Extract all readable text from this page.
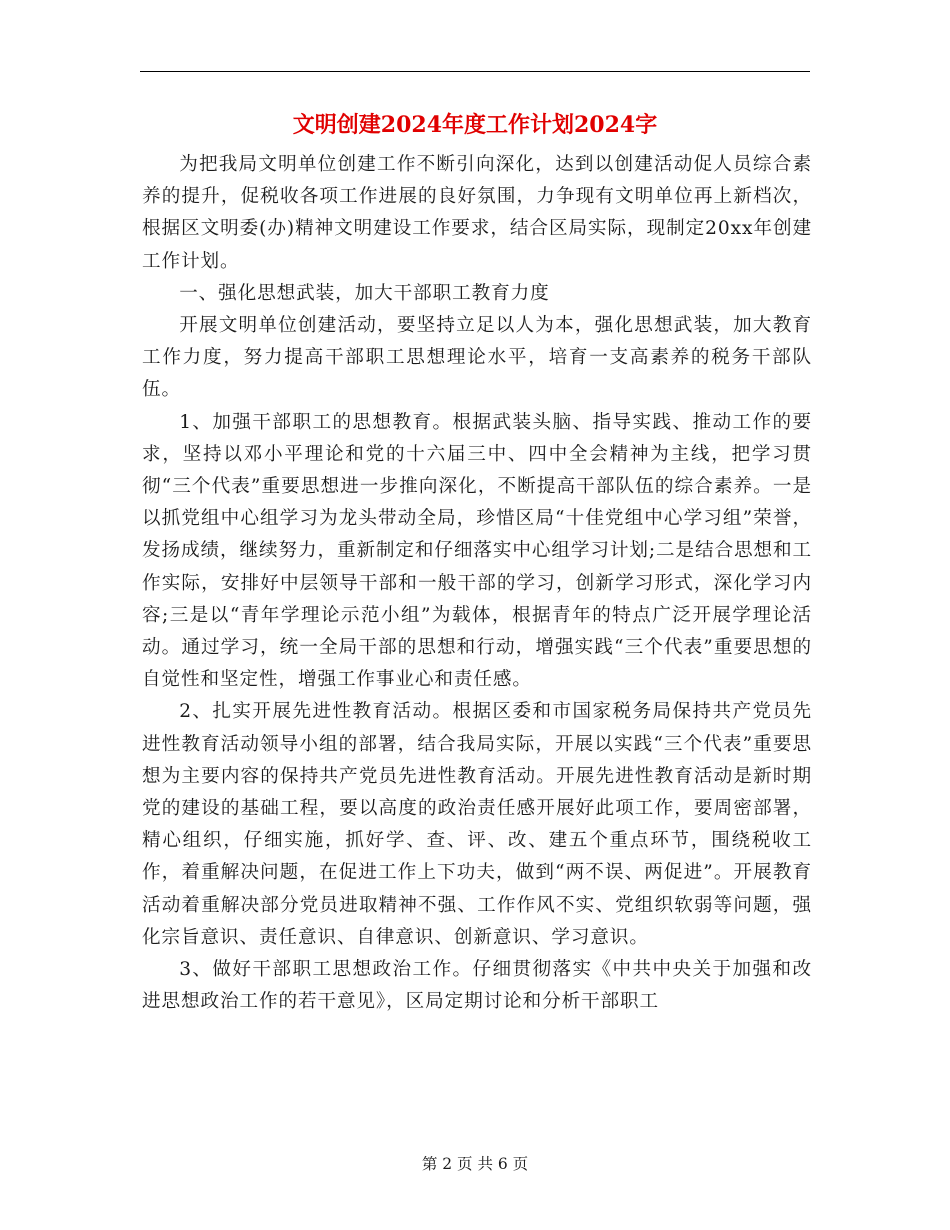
文明创建2024年度工作计划2024字

为把我局文明单位创建工作不断引向深化，达到以创建活动促人员综合素养的提升，促税收各项工作进展的良好氛围，力争现有文明单位再上新档次，根据区文明委(办)精神文明建设工作要求，结合区局实际，现制定20xx年创建工作计划。

一、强化思想武装，加大干部职工教育力度

开展文明单位创建活动，要坚持立足以人为本，强化思想武装，加大教育工作力度，努力提高干部职工思想理论水平，培育一支高素养的税务干部队伍。

1、加强干部职工的思想教育。根据武装头脑、指导实践、推动工作的要求，坚持以邓小平理论和党的十六届三中、四中全会精神为主线，把学习贯彻“三个代表”重要思想进一步推向深化，不断提高干部队伍的综合素养。一是以抓党组中心组学习为龙头带动全局，珍惜区局“十佳党组中心学习组”荣誉，发扬成绩，继续努力，重新制定和仔细落实中心组学习计划;二是结合思想和工作实际，安排好中层领导干部和一般干部的学习，创新学习形式，深化学习内容;三是以“青年学理论示范小组”为载体，根据青年的特点广泛开展学理论活动。通过学习，统一全局干部的思想和行动，增强实践“三个代表”重要思想的自觉性和坚定性，增强工作事业心和责任感。

2、扎实开展先进性教育活动。根据区委和市国家税务局保持共产党员先进性教育活动领导小组的部署，结合我局实际，开展以实践“三个代表”重要思想为主要内容的保持共产党员先进性教育活动。开展先进性教育活动是新时期党的建设的基础工程，要以高度的政治责任感开展好此项工作，要周密部署，精心组织，仔细实施，抓好学、查、评、改、建五个重点环节，围绕税收工作，着重解决问题，在促进工作上下功夫，做到“两不误、两促进”。开展教育活动着重解决部分党员进取精神不强、工作作风不实、党组织软弱等问题，强化宗旨意识、责任意识、自律意识、创新意识、学习意识。

3、做好干部职工思想政治工作。仔细贯彻落实《中共中央关于加强和改进思想政治工作的若干意见》，区局定期讨论和分析干部职工

第 2 页 共 6 页
